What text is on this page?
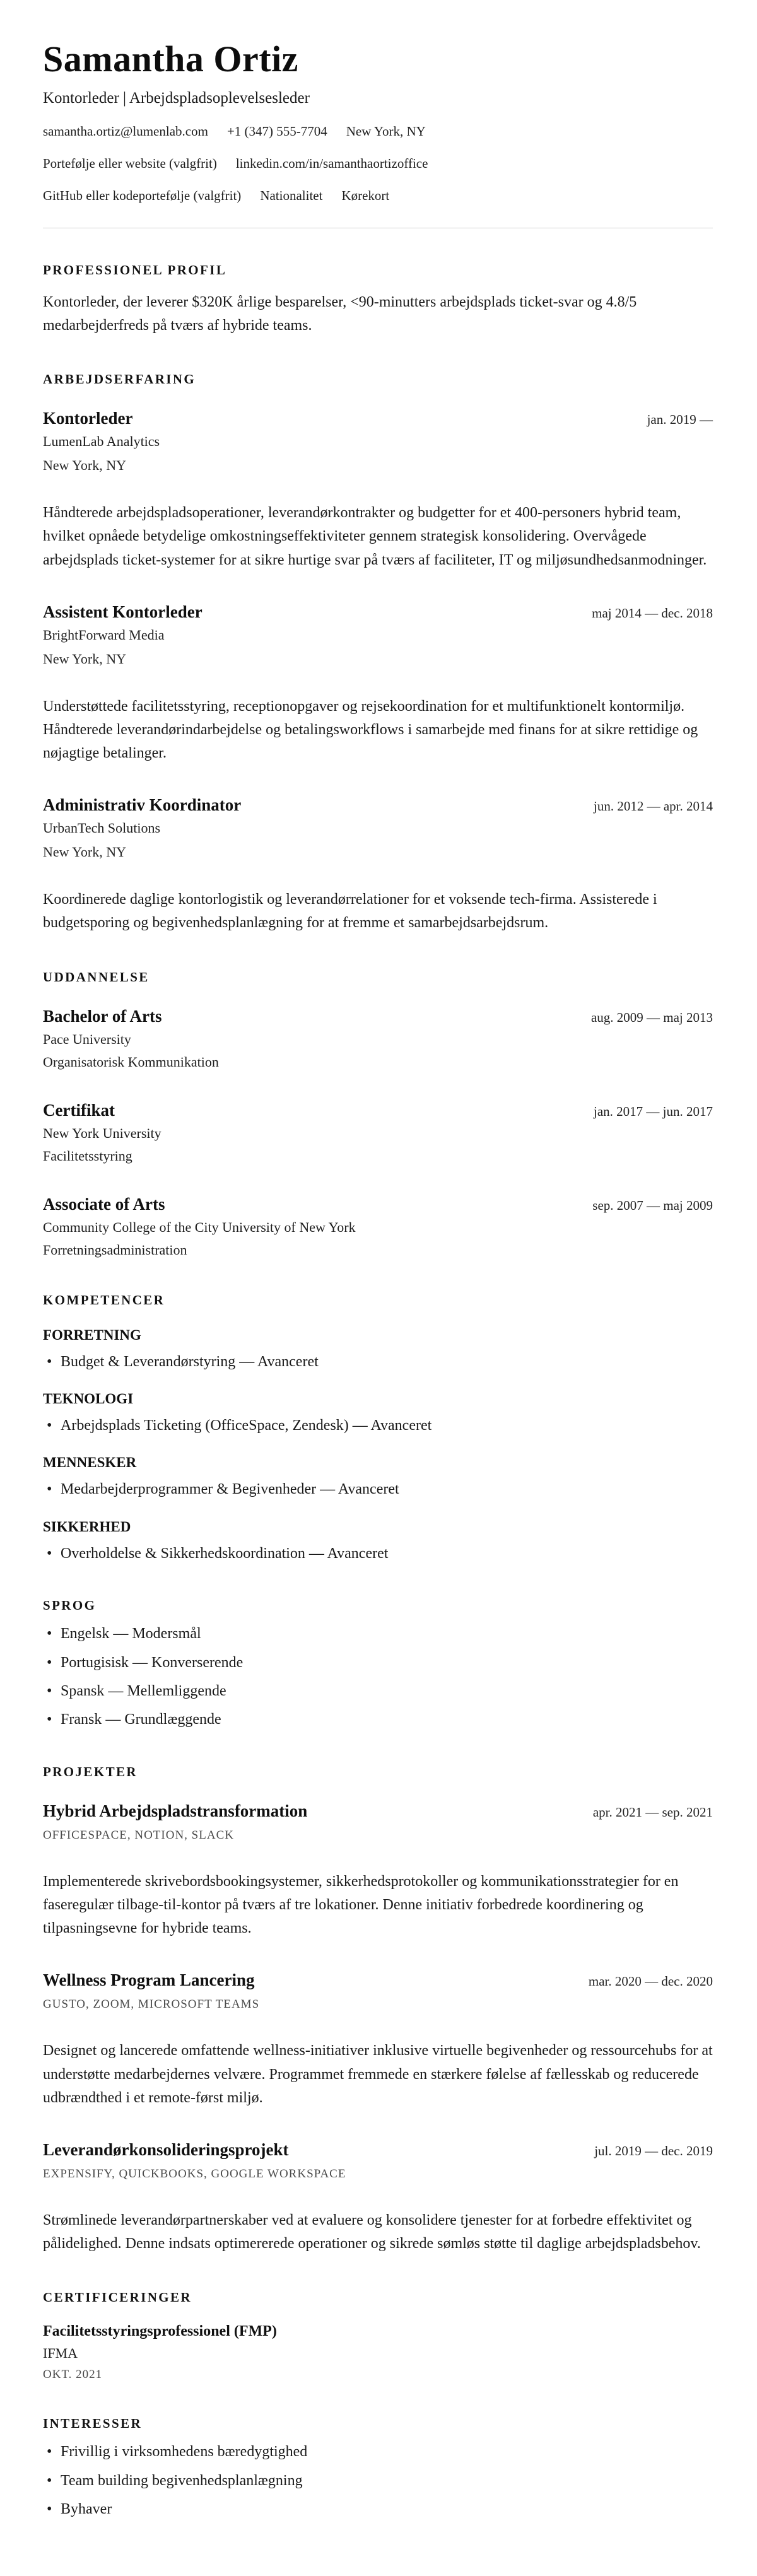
Samantha Ortiz
Kontorleder | Arbejdspladsoplevelsesleder
samantha.ortiz@lumenlab.com +1 (347) 555-7704 New York, NY
Portefølje eller website (valgfrit) linkedin.com/in/samanthaortizoffice
GitHub eller kodeportefølje (valgfrit) Nationalitet Kørekort
PROFESSIONEL PROFIL

Kontorleder, der leverer $320K årlige besparelser, <90-minutters arbejdsplads ticket-svar og 4.8/5 medarbejderfreds på tværs af hybride teams.

ARBEJDSERFARING
Kontorleder	jan. 2019 —
LumenLab Analytics
New York, NY

Håndterede arbejdspladsoperationer, leverandørkontrakter og budgetter for et 400-personers hybrid team, hvilket opnåede betydelige omkostningseffektiviteter gennem strategisk konsolidering. Overvågede arbejdsplads ticket-systemer for at sikre hurtige svar på tværs af faciliteter, IT og miljøsundhedsanmodninger.

Assistent Kontorleder	maj 2014 — dec. 2018
BrightForward Media
New York, NY

Understøttede facilitetsstyring, receptionopgaver og rejsekoordination for et multifunktionelt kontormiljø. Håndterede leverandørindarbejdelse og betalingsworkflows i samarbejde med finans for at sikre rettidige og nøjagtige betalinger.

Administrativ Koordinator	jun. 2012 — apr. 2014
UrbanTech Solutions
New York, NY

Koordinerede daglige kontorlogistik og leverandørrelationer for et voksende tech-firma. Assisterede i budgetsporing og begivenhedsplanlægning for at fremme et samarbejdsarbejdsrum.

UDDANNELSE
Bachelor of Arts	aug. 2009 — maj 2013
Pace University
Organisatorisk Kommunikation
Certifikat	jan. 2017 — jun. 2017
New York University
Facilitetsstyring
Associate of Arts	sep. 2007 — maj 2009
Community College of the City University of New York
Forretningsadministration
KOMPETENCER
FORRETNING
• Budget & Leverandørstyring — Avanceret
TEKNOLOGI
• Arbejdsplads Ticketing (OfficeSpace, Zendesk) — Avanceret
MENNESKER
• Medarbejderprogrammer & Begivenheder — Avanceret
SIKKERHED
• Overholdelse & Sikkerhedskoordination — Avanceret
SPROG
• Engelsk — Modersmål
• Portugisisk — Konverserende
• Spansk — Mellemliggende
• Fransk — Grundlæggende
PROJEKTER
Hybrid Arbejdspladstransformation	apr. 2021 — sep. 2021
OFFICESPACE, NOTION, SLACK

Implementerede skrivebordsbookingsystemer, sikkerhedsprotokoller og kommunikationsstrategier for en faseregulær tilbage-til-kontor på tværs af tre lokationer. Denne initiativ forbedrede koordinering og tilpasningsevne for hybride teams.

Wellness Program Lancering	mar. 2020 — dec. 2020
GUSTO, ZOOM, MICROSOFT TEAMS

Designet og lancerede omfattende wellness-initiativer inklusive virtuelle begivenheder og ressourcehubs for at understøtte medarbejdernes velvære. Programmet fremmede en stærkere følelse af fællesskab og reducerede udbrændthed i et remote-først miljø.

Leverandørkonsolideringsprojekt	jul. 2019 — dec. 2019
EXPENSIFY, QUICKBOOKS, GOOGLE WORKSPACE

Strømlinede leverandørpartnerskaber ved at evaluere og konsolidere tjenester for at forbedre effektivitet og pålidelighed. Denne indsats optimererede operationer og sikrede sømløs støtte til daglige arbejdspladsbehov.

CERTIFICERINGER
Facilitetsstyringsprofessionel (FMP)
IFMA
OKT. 2021
INTERESSER
• Frivillig i virksomhedens bæredygtighed
• Team building begivenhedsplanlægning
• Byhaver
